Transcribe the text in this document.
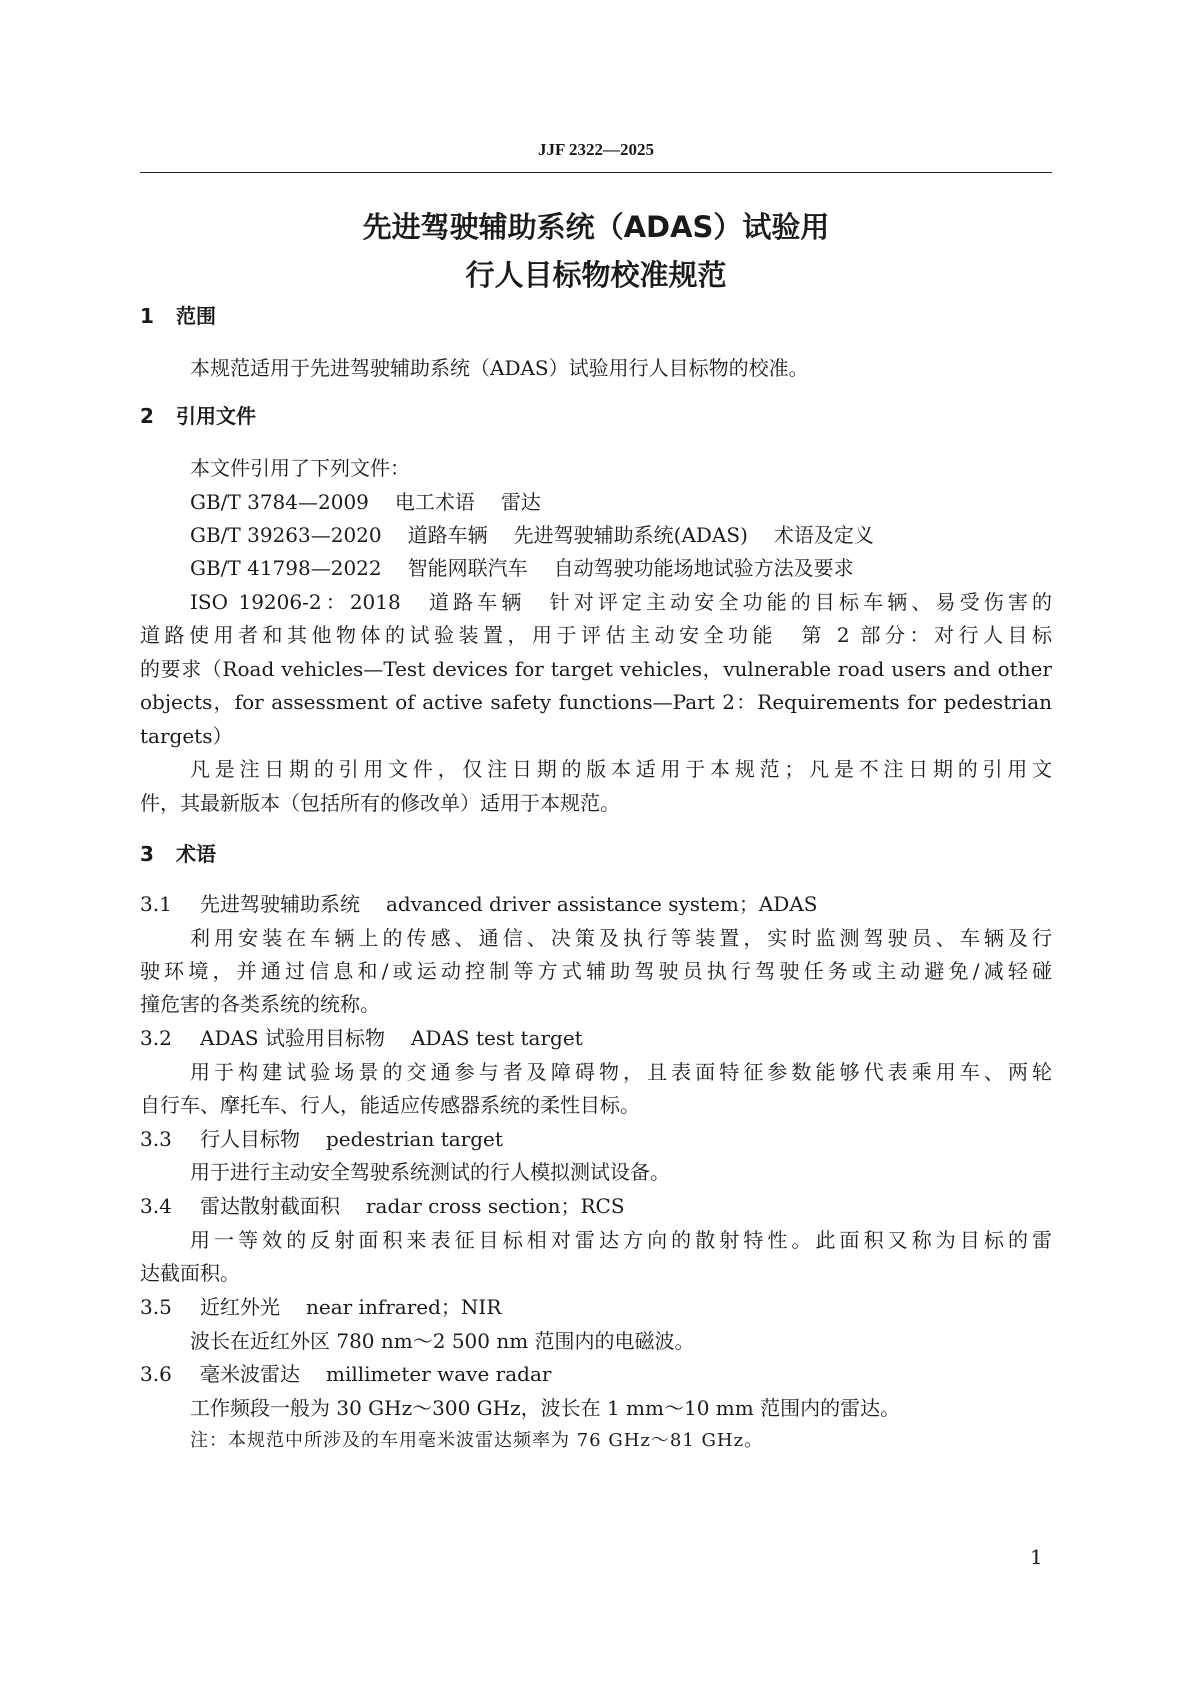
JJF 2322—2025
先进驾驶辅助系统（ADAS）试验用
行人目标物校准规范
1 范围
本规范适用于先进驾驶辅助系统（ADAS）试验用行人目标物的校准。
2 引用文件
本文件引用了下列文件：
GB/T 3784—2009 电工术语 雷达
GB/T 39263—2020 道路车辆 先进驾驶辅助系统(ADAS) 术语及定义
GB/T 41798—2022 智能网联汽车 自动驾驶功能场地试验方法及要求
ISO 19206-2：2018　道路车辆　针对评定主动安全功能的目标车辆、易受伤害的
道路使用者和其他物体的试验装置，用于评估主动安全功能　第 2 部分：对行人目标
的要求（Road vehicles—Test devices for target vehicles，vulnerable road users and other
objects，for assessment of active safety functions—Part 2：Requirements for pedestrian
targets）
凡是注日期的引用文件，仅注日期的版本适用于本规范；凡是不注日期的引用文
件，其最新版本（包括所有的修改单）适用于本规范。
3 术语
3.1 先进驾驶辅助系统 advanced driver assistance system；ADAS
利用安装在车辆上的传感、通信、决策及执行等装置，实时监测驾驶员、车辆及行
驶环境，并通过信息和/或运动控制等方式辅助驾驶员执行驾驶任务或主动避免/减轻碰
撞危害的各类系统的统称。
3.2 ADAS 试验用目标物 ADAS test target
用于构建试验场景的交通参与者及障碍物，且表面特征参数能够代表乘用车、两轮
自行车、摩托车、行人，能适应传感器系统的柔性目标。
3.3 行人目标物 pedestrian target
用于进行主动安全驾驶系统测试的行人模拟测试设备。
3.4 雷达散射截面积 radar cross section；RCS
用一等效的反射面积来表征目标相对雷达方向的散射特性。此面积又称为目标的雷
达截面积。
3.5 近红外光 near infrared；NIR
波长在近红外区 780 nm～2 500 nm 范围内的电磁波。
3.6 毫米波雷达 millimeter wave radar
工作频段一般为 30 GHz～300 GHz，波长在 1 mm～10 mm 范围内的雷达。
注：本规范中所涉及的车用毫米波雷达频率为 76 GHz～81 GHz。
1
